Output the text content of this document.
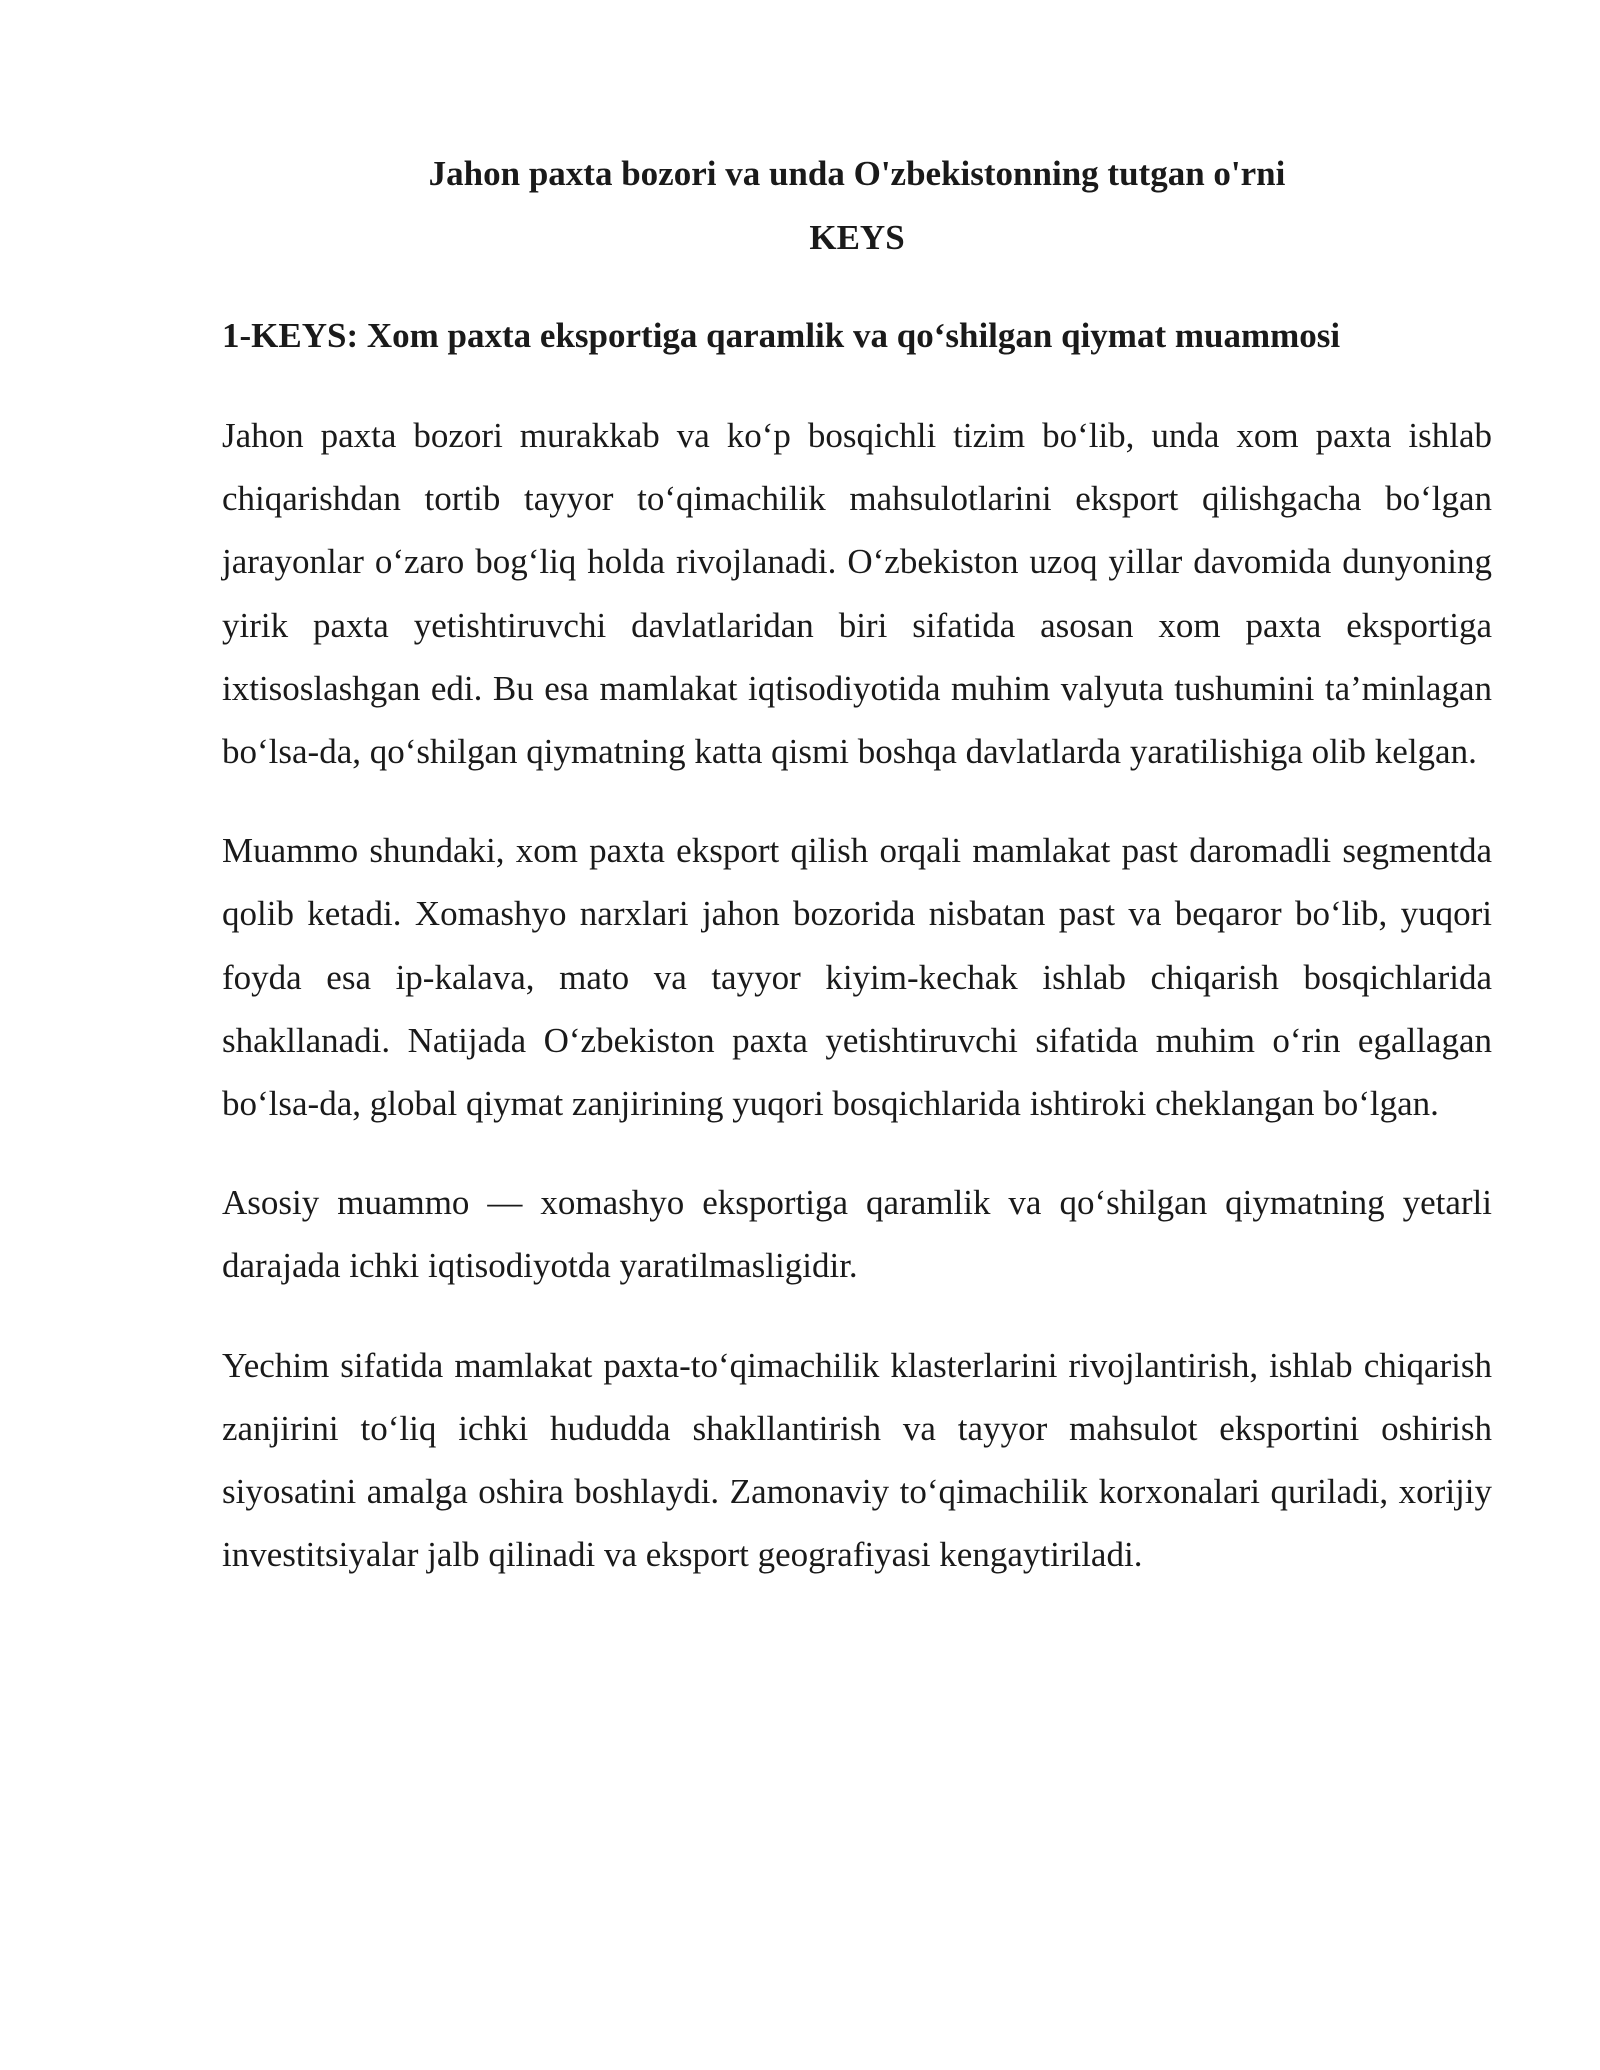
Jahon paxta bozori va unda O'zbekistonning tutgan o'rni
KEYS
1-KEYS: Xom paxta eksportiga qaramlik va qo‘shilgan qiymat muammosi

Jahon paxta bozori murakkab va ko‘p bosqichli tizim bo‘lib, unda xom paxta ishlab chiqarishdan tortib tayyor to‘qimachilik mahsulotlarini eksport qilishgacha bo‘lgan jarayonlar o‘zaro bog‘liq holda rivojlanadi. O‘zbekiston uzoq yillar davomida dunyoning yirik paxta yetishtiruvchi davlatlaridan biri sifatida asosan xom paxta eksportiga ixtisoslashgan edi. Bu esa mamlakat iqtisodiyotida muhim valyuta tushumini ta’minlagan bo‘lsa-da, qo‘shilgan qiymatning katta qismi boshqa davlatlarda yaratilishiga olib kelgan.

Muammo shundaki, xom paxta eksport qilish orqali mamlakat past daromadli segmentda qolib ketadi. Xomashyo narxlari jahon bozorida nisbatan past va beqaror bo‘lib, yuqori foyda esa ip-kalava, mato va tayyor kiyim-kechak ishlab chiqarish bosqichlarida shakllanadi. Natijada O‘zbekiston paxta yetishtiruvchi sifatida muhim o‘rin egallagan bo‘lsa-da, global qiymat zanjirining yuqori bosqichlarida ishtiroki cheklangan bo‘lgan.

Asosiy muammo — xomashyo eksportiga qaramlik va qo‘shilgan qiymatning yetarli darajada ichki iqtisodiyotda yaratilmasligidir.

Yechim sifatida mamlakat paxta-to‘qimachilik klasterlarini rivojlantirish, ishlab chiqarish zanjirini to‘liq ichki hududda shakllantirish va tayyor mahsulot eksportini oshirish siyosatini amalga oshira boshlaydi. Zamonaviy to‘qimachilik korxonalari quriladi, xorijiy investitsiyalar jalb qilinadi va eksport geografiyasi kengaytiriladi.
